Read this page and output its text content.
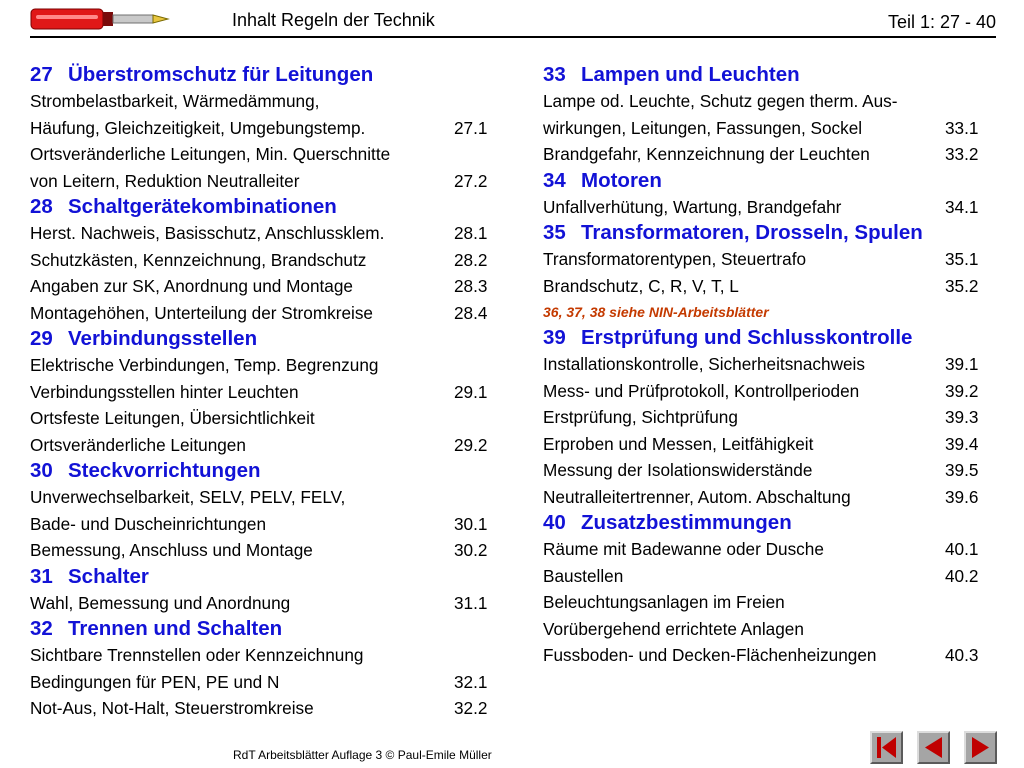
Inhalt Regeln der Technik	Teil 1: 27 - 40
27 Überstromschutz für Leitungen
Strombelastbarkeit, Wärmedämmung,
Häufung, Gleichzeitigkeit, Umgebungstemp.	27.1
Ortsveränderliche Leitungen, Min. Querschnitte
von Leitern, Reduktion Neutralleiter	27.2
28 Schaltgerätekombinationen
Herst. Nachweis, Basisschutz, Anschlussklem.	28.1
Schutzkästen, Kennzeichnung, Brandschutz	28.2
Angaben zur SK, Anordnung und Montage	28.3
Montagehöhen, Unterteilung der Stromkreise	28.4
29 Verbindungsstellen
Elektrische Verbindungen, Temp. Begrenzung
Verbindungsstellen hinter Leuchten	29.1
Ortsfeste Leitungen, Übersichtlichkeit
Ortsveränderliche Leitungen	29.2
30 Steckvorrichtungen
Unverwechselbarkeit, SELV, PELV, FELV,
Bade- und Duscheinrichtungen	30.1
Bemessung, Anschluss und Montage	30.2
31 Schalter
Wahl, Bemessung und Anordnung	31.1
32 Trennen und Schalten
Sichtbare Trennstellen oder Kennzeichnung
Bedingungen für PEN, PE und N	32.1
Not-Aus, Not-Halt, Steuerstromkreise	32.2
33 Lampen und Leuchten
Lampe od. Leuchte, Schutz gegen therm. Aus-
wirkungen, Leitungen, Fassungen, Sockel	33.1
Brandgefahr, Kennzeichnung der Leuchten	33.2
34 Motoren
Unfallverhütung, Wartung, Brandgefahr	34.1
35 Transformatoren, Drosseln, Spulen
Transformatorentypen, Steuertrafo	35.1
Brandschutz, C, R, V, T, L	35.2
36, 37, 38 siehe NIN-Arbeitsblätter
39 Erstprüfung und Schlusskontrolle
Installationskontrolle, Sicherheitsnachweis	39.1
Mess- und Prüfprotokoll, Kontrollperioden	39.2
Erstprüfung, Sichtprüfung	39.3
Erproben und Messen, Leitfähigkeit	39.4
Messung der Isolationswiderstände	39.5
Neutralleitertrenner, Autom. Abschaltung	39.6
40 Zusatzbestimmungen
Räume mit Badewanne oder Dusche	40.1
Baustellen	40.2
Beleuchtungsanlagen im Freien
Vorübergehend errichtete Anlagen
Fussboden- und Decken-Flächenheizungen	40.3
RdT Arbeitsblätter Auflage 3 © Paul-Emile Müller
